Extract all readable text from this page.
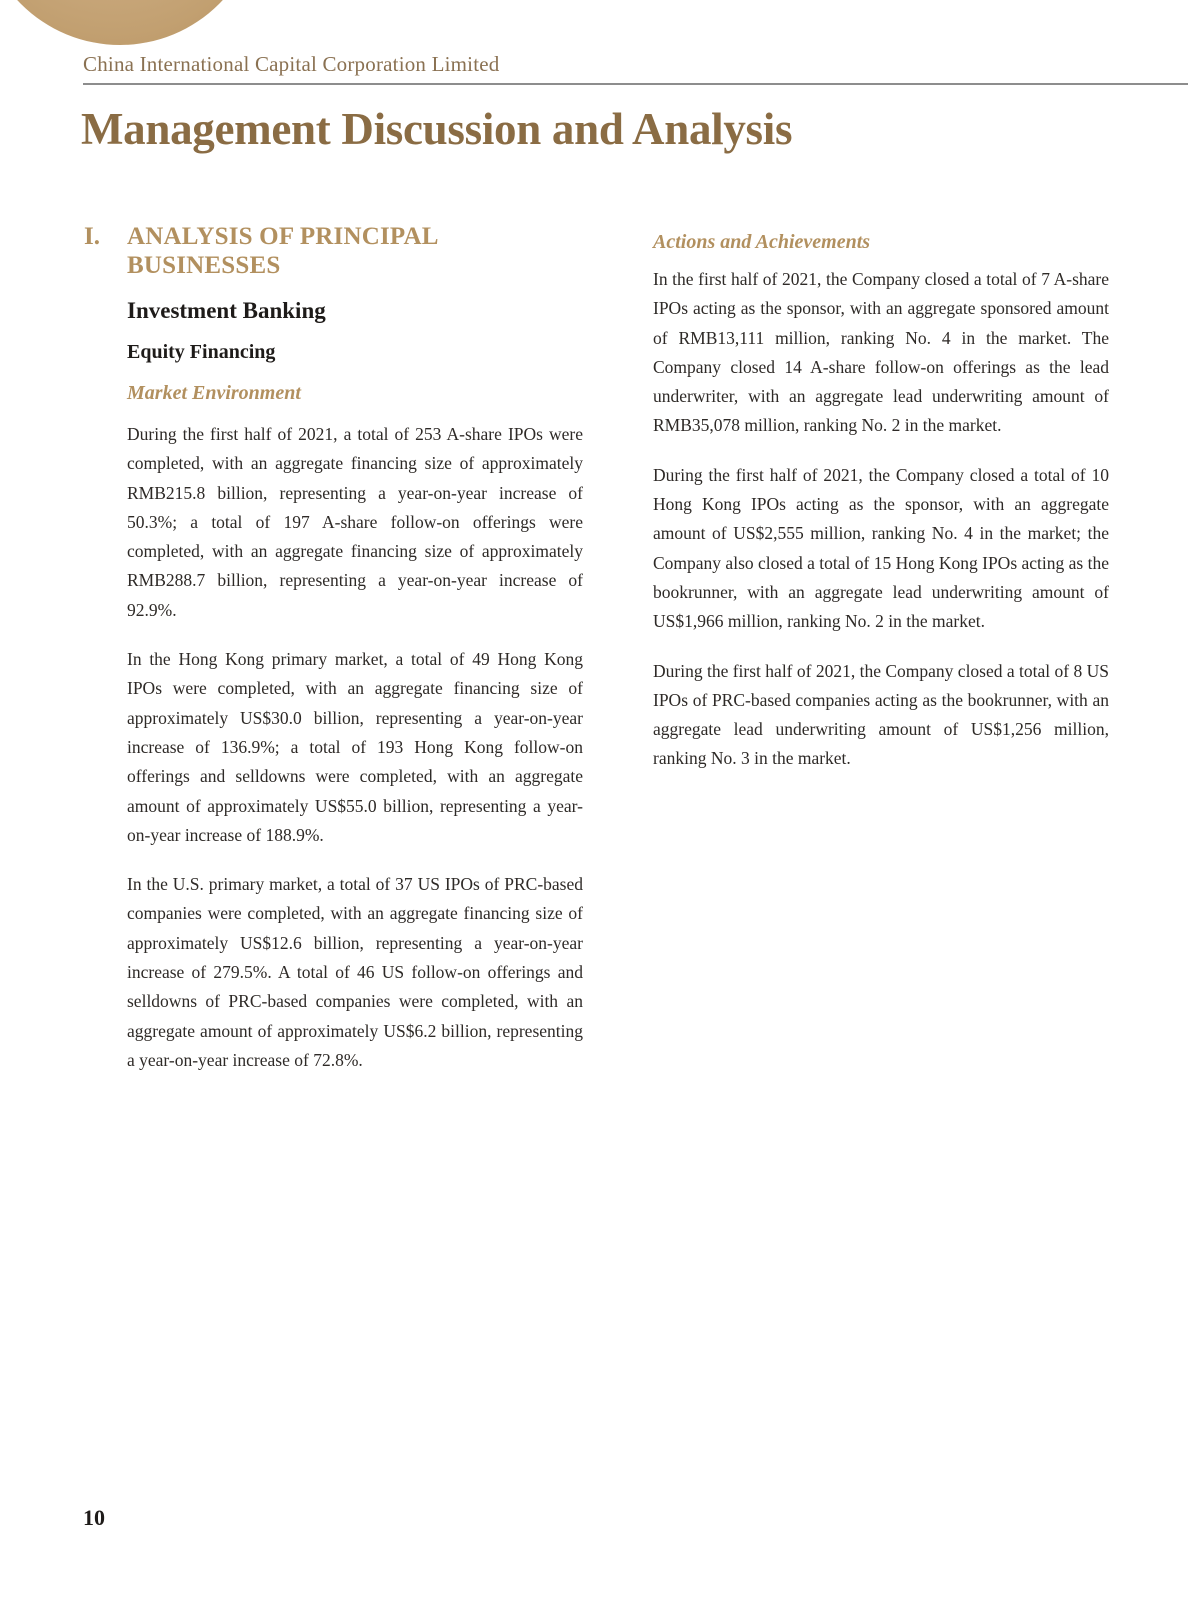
China International Capital Corporation Limited
Management Discussion and Analysis
I. ANALYSIS OF PRINCIPAL BUSINESSES
Investment Banking
Equity Financing
Market Environment

During the first half of 2021, a total of 253 A-share IPOs were completed, with an aggregate financing size of approximately RMB215.8 billion, representing a year-on-year increase of 50.3%; a total of 197 A-share follow-on offerings were completed, with an aggregate financing size of approximately RMB288.7 billion, representing a year-on-year increase of 92.9%.

In the Hong Kong primary market, a total of 49 Hong Kong IPOs were completed, with an aggregate financing size of approximately US$30.0 billion, representing a year-on-year increase of 136.9%; a total of 193 Hong Kong follow-on offerings and selldowns were completed, with an aggregate amount of approximately US$55.0 billion, representing a year-on-year increase of 188.9%.

In the U.S. primary market, a total of 37 US IPOs of PRC-based companies were completed, with an aggregate financing size of approximately US$12.6 billion, representing a year-on-year increase of 279.5%. A total of 46 US follow-on offerings and selldowns of PRC-based companies were completed, with an aggregate amount of approximately US$6.2 billion, representing a year-on-year increase of 72.8%.

Actions and Achievements

In the first half of 2021, the Company closed a total of 7 A-share IPOs acting as the sponsor, with an aggregate sponsored amount of RMB13,111 million, ranking No. 4 in the market. The Company closed 14 A-share follow-on offerings as the lead underwriter, with an aggregate lead underwriting amount of RMB35,078 million, ranking No. 2 in the market.

During the first half of 2021, the Company closed a total of 10 Hong Kong IPOs acting as the sponsor, with an aggregate amount of US$2,555 million, ranking No. 4 in the market; the Company also closed a total of 15 Hong Kong IPOs acting as the bookrunner, with an aggregate lead underwriting amount of US$1,966 million, ranking No. 2 in the market.

During the first half of 2021, the Company closed a total of 8 US IPOs of PRC-based companies acting as the bookrunner, with an aggregate lead underwriting amount of US$1,256 million, ranking No. 3 in the market.

10
